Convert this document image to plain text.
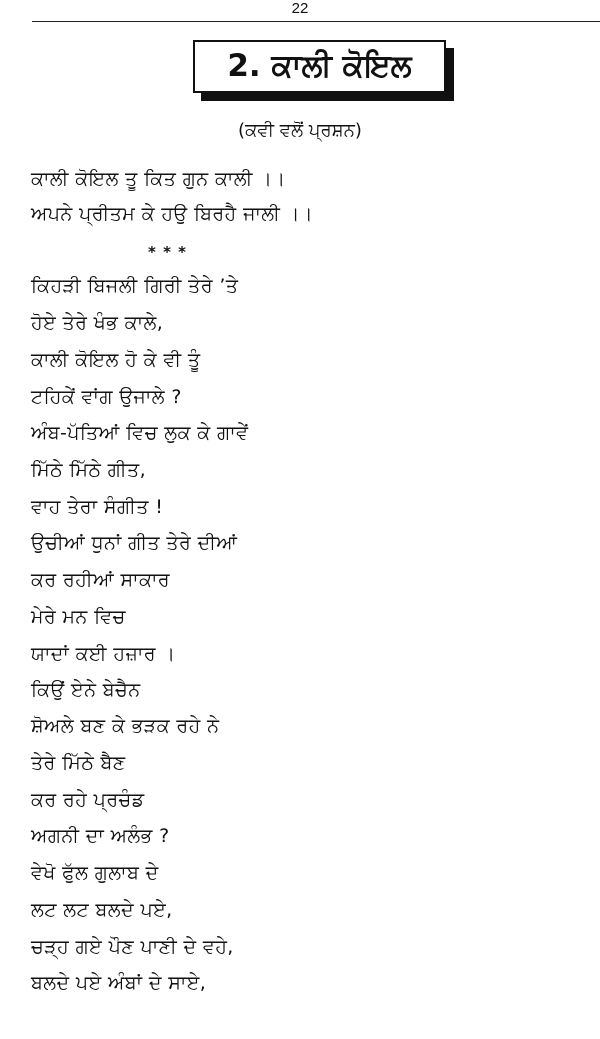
22
2. ਕਾਲੀ ਕੋਇਲ
(ਕਵੀ ਵਲੋਂ ਪ੍ਰਸ਼ਨ)
ਕਾਲੀ ਕੋਇਲ ਤੂ ਕਿਤ ਗੁਨ ਕਾਲੀ ।।
ਅਪਨੇ ਪ੍ਰੀਤਮ ਕੇ ਹਉ ਬਿਰਹੈ ਜਾਲੀ ।।
* * *
ਕਿਹੜੀ ਬਿਜਲੀ ਗਿਰੀ ਤੇਰੇ ’ਤੇ
ਹੋਏ ਤੇਰੇ ਖੰਭ ਕਾਲੇ,
ਕਾਲੀ ਕੋਇਲ ਹੋ ਕੇ ਵੀ ਤੂੰ
ਟਹਿਕੇਂ ਵਾਂਗ ਉਜਾਲੇ ?
ਅੰਬ-ਪੱਤਿਆਂ ਵਿਚ ਲੁਕ ਕੇ ਗਾਵੇਂ
ਮਿੱਠੇ ਮਿੱਠੇ ਗੀਤ,
ਵਾਹ ਤੇਰਾ ਸੰਗੀਤ !
ਉਚੀਆਂ ਧੁਨਾਂ ਗੀਤ ਤੇਰੇ ਦੀਆਂ
ਕਰ ਰਹੀਆਂ ਸਾਕਾਰ
ਮੇਰੇ ਮਨ ਵਿਚ
ਯਾਦਾਂ ਕਈ ਹਜ਼ਾਰ ।
ਕਿਉਂ ਏਨੇ ਬੇਚੈਨ
ਸ਼ੋਅਲੇ ਬਣ ਕੇ ਭੜਕ ਰਹੇ ਨੇ
ਤੇਰੇ ਮਿੱਠੇ ਬੈਣ
ਕਰ ਰਹੇ ਪ੍ਰਚੰਡ
ਅਗਨੀ ਦਾ ਅਲੰਭ ?
ਵੇਖੋ ਫੁੱਲ ਗੁਲਾਬ ਦੇ
ਲਟ ਲਟ ਬਲਦੇ ਪਏ,
ਚੜ੍ਹ ਗਏ ਪੌਣ ਪਾਣੀ ਦੇ ਵਹੇ,
ਬਲਦੇ ਪਏ ਅੰਬਾਂ ਦੇ ਸਾਏ,
